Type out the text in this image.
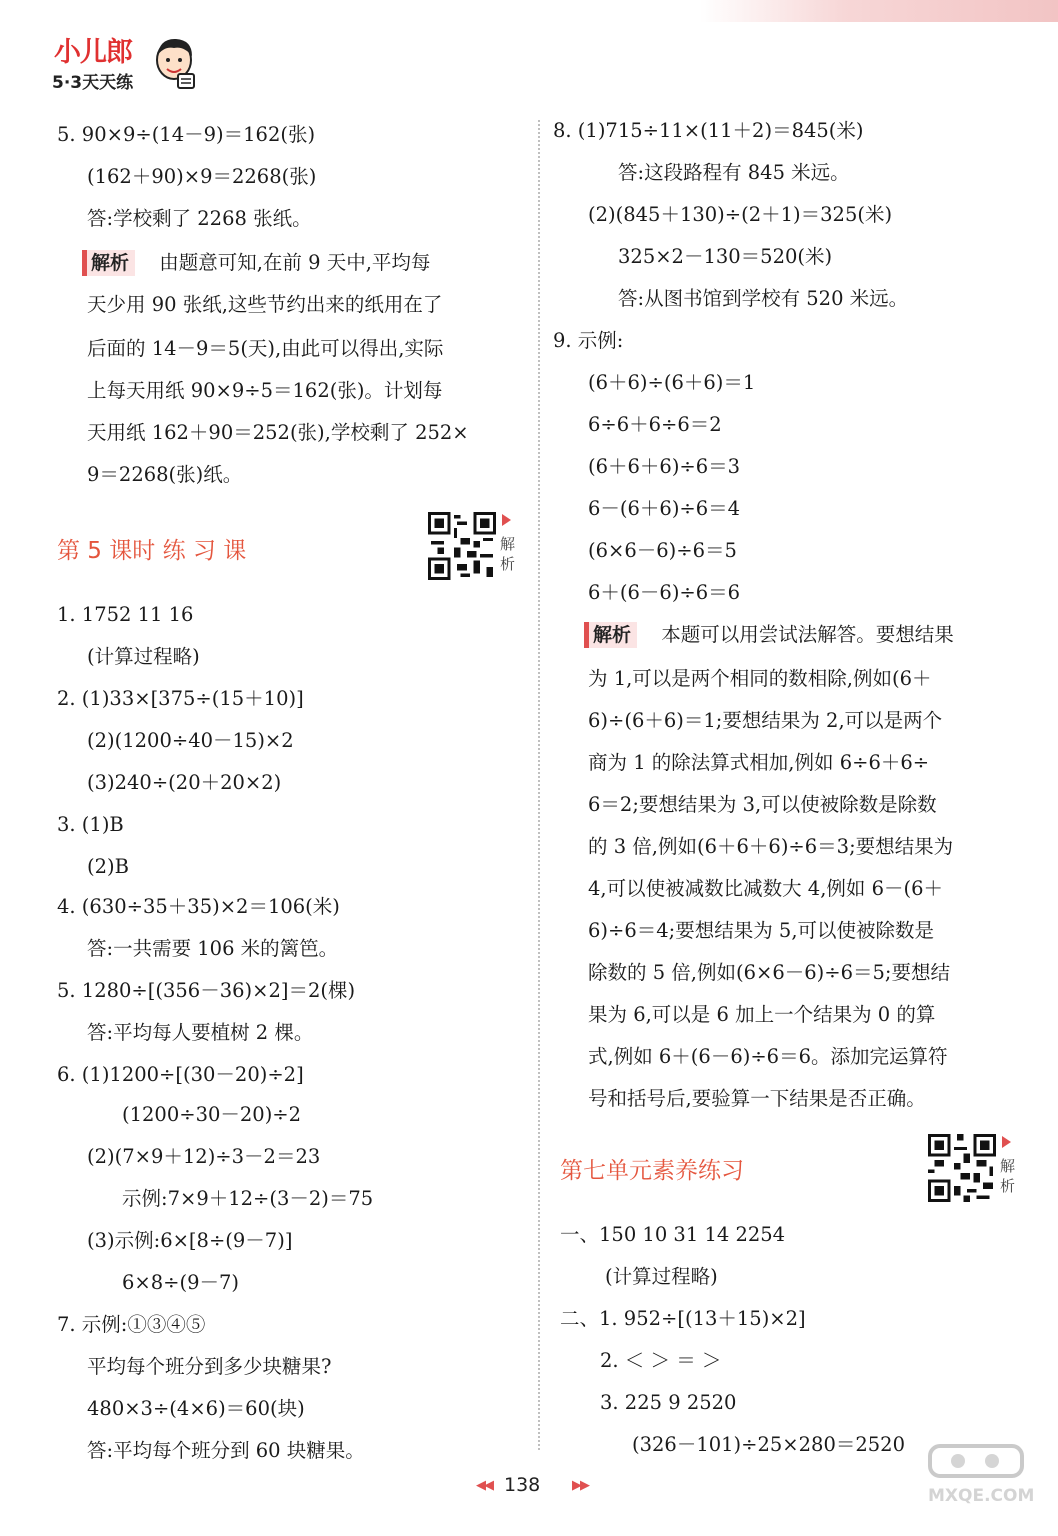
小儿郎
5·3天天练
5. 90×9÷(14－9)＝162(张)
(162＋90)×9＝2268(张)
答:学校剩了 2268 张纸。
解析 由题意可知,在前 9 天中,平均每
天少用 90 张纸,这些节约出来的纸用在了
后面的 14－9＝5(天),由此可以得出,实际
上每天用纸 90×9÷5＝162(张)。计划每
天用纸 162＋90＝252(张),学校剩了 252×
9＝2268(张)纸。
第 5 课时 练 习 课	解析
1. 1752 11 16
(计算过程略)
2. (1)33×[375÷(15＋10)]
(2)(1200÷40－15)×2
(3)240÷(20＋20×2)
3. (1)B
(2)B
4. (630÷35＋35)×2＝106(米)
答:一共需要 106 米的篱笆。
5. 1280÷[(356－36)×2]＝2(棵)
答:平均每人要植树 2 棵。
6. (1)1200÷[(30－20)÷2]
(1200÷30－20)÷2
(2)(7×9＋12)÷3－2＝23
示例:7×9＋12÷(3－2)＝75
(3)示例:6×[8÷(9－7)]
6×8÷(9－7)
7. 示例:①③④⑤
平均每个班分到多少块糖果?
480×3÷(4×6)＝60(块)
答:平均每个班分到 60 块糖果。
8. (1)715÷11×(11＋2)＝845(米)
答:这段路程有 845 米远。
(2)(845＋130)÷(2＋1)＝325(米)
325×2－130＝520(米)
答:从图书馆到学校有 520 米远。
9. 示例:
(6＋6)÷(6＋6)＝1
6÷6＋6÷6＝2
(6＋6＋6)÷6＝3
6－(6＋6)÷6＝4
(6×6－6)÷6＝5
6＋(6－6)÷6＝6
解析 本题可以用尝试法解答。要想结果
为 1,可以是两个相同的数相除,例如(6＋
6)÷(6＋6)＝1;要想结果为 2,可以是两个
商为 1 的除法算式相加,例如 6÷6＋6÷
6＝2;要想结果为 3,可以使被除数是除数
的 3 倍,例如(6＋6＋6)÷6＝3;要想结果为
4,可以使被减数比减数大 4,例如 6－(6＋
6)÷6＝4;要想结果为 5,可以使被除数是
除数的 5 倍,例如(6×6－6)÷6＝5;要想结
果为 6,可以是 6 加上一个结果为 0 的算
式,例如 6＋(6－6)÷6＝6。添加完运算符
号和括号后,要验算一下结果是否正确。
第七单元素养练习	解析
一、150 10 31 14 2254
(计算过程略)
二、1. 952÷[(13＋15)×2]
2. ＜ ＞ ＝ ＞
3. 225 9 2520
(326－101)÷25×280＝2520
◀◀ 138 ▶▶
MXQE.COM
